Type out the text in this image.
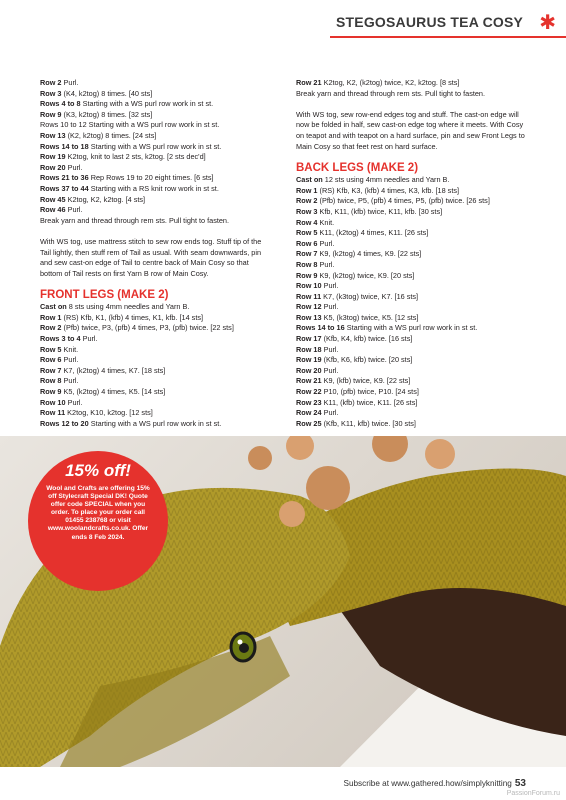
STEGOSAURUS TEA COSY ✱
Row 2 Purl.
Row 3 (K4, k2tog) 8 times. [40 sts]
Rows 4 to 8 Starting with a WS purl row work in st st.
Row 9 (K3, k2tog) 8 times. [32 sts]
Rows 10 to 12 Starting with a WS purl row work in st st.
Row 13 (K2, k2tog) 8 times. [24 sts]
Rows 14 to 18 Starting with a WS purl row work in st st.
Row 19 K2tog, knit to last 2 sts, k2tog. [2 sts dec'd]
Row 20 Purl.
Rows 21 to 36 Rep Rows 19 to 20 eight times. [6 sts]
Rows 37 to 44 Starting with a RS knit row work in st st.
Row 45 K2tog, K2, k2tog. [4 sts]
Row 46 Purl.
Break yarn and thread through rem sts. Pull tight to fasten.
With WS tog, use mattress stitch to sew row ends tog. Stuff tip of the Tail lightly, then stuff rem of Tail as usual. With seam downwards, pin and sew cast-on edge of Tail to centre back of Main Cosy so that bottom of Tail rests on first Yarn B row of Main Cosy.
FRONT LEGS (MAKE 2)
Cast on 8 sts using 4mm needles and Yarn B.
Row 1 (RS) Kfb, K1, (kfb) 4 times, K1, kfb. [14 sts]
Row 2 (Pfb) twice, P3, (pfb) 4 times, P3, (pfb) twice. [22 sts]
Rows 3 to 4 Purl.
Row 5 Knit.
Row 6 Purl.
Row 7 K7, (k2tog) 4 times, K7. [18 sts]
Row 8 Purl.
Row 9 K5, (k2tog) 4 times, K5. [14 sts]
Row 10 Purl.
Row 11 K2tog, K10, k2tog. [12 sts]
Rows 12 to 20 Starting with a WS purl row work in st st.
Row 21 K2tog, K2, (k2tog) twice, K2, k2tog. [8 sts]
Break yarn and thread through rem sts. Pull tight to fasten.
With WS tog, sew row-end edges tog and stuff. The cast-on edge will now be folded in half, sew cast-on edge tog where it meets. With Cosy on teapot and with teapot on a hard surface, pin and sew Front Legs to Main Cosy so that feet rest on hard surface.
BACK LEGS (MAKE 2)
Cast on 12 sts using 4mm needles and Yarn B.
Row 1 (RS) Kfb, K3, (kfb) 4 times, K3, kfb. [18 sts]
Row 2 (Pfb) twice, P5, (pfb) 4 times, P5, (pfb) twice. [26 sts]
Row 3 Kfb, K11, (kfb) twice, K11, kfb. [30 sts]
Row 4 Knit.
Row 5 K11, (k2tog) 4 times, K11. [26 sts]
Row 6 Purl.
Row 7 K9, (k2tog) 4 times, K9. [22 sts]
Row 8 Purl.
Row 9 K9, (k2tog) twice, K9. [20 sts]
Row 10 Purl.
Row 11 K7, (k3tog) twice, K7. [16 sts]
Row 12 Purl.
Row 13 K5, (k3tog) twice, K5. [12 sts]
Rows 14 to 16 Starting with a WS purl row work in st st.
Row 17 (Kfb, K4, kfb) twice. [16 sts]
Row 18 Purl.
Row 19 (Kfb, K6, kfb) twice. [20 sts]
Row 20 Purl.
Row 21 K9, (kfb) twice, K9. [22 sts]
Row 22 P10, (pfb) twice, P10. [24 sts]
Row 23 K11, (kfb) twice, K11. [26 sts]
Row 24 Purl.
Row 25 (Kfb, K11, kfb) twice. [30 sts]
15% off!
Wool and Crafts are offering 15% off Stylecraft Special DK! Quote offer code SPECIAL when you order. To place your order call 01455 238768 or visit www.woolandcrafts.co.uk. Offer ends 8 Feb 2024.
Subscribe at www.gathered.how/simplyknitting 53
PassionForum.ru
